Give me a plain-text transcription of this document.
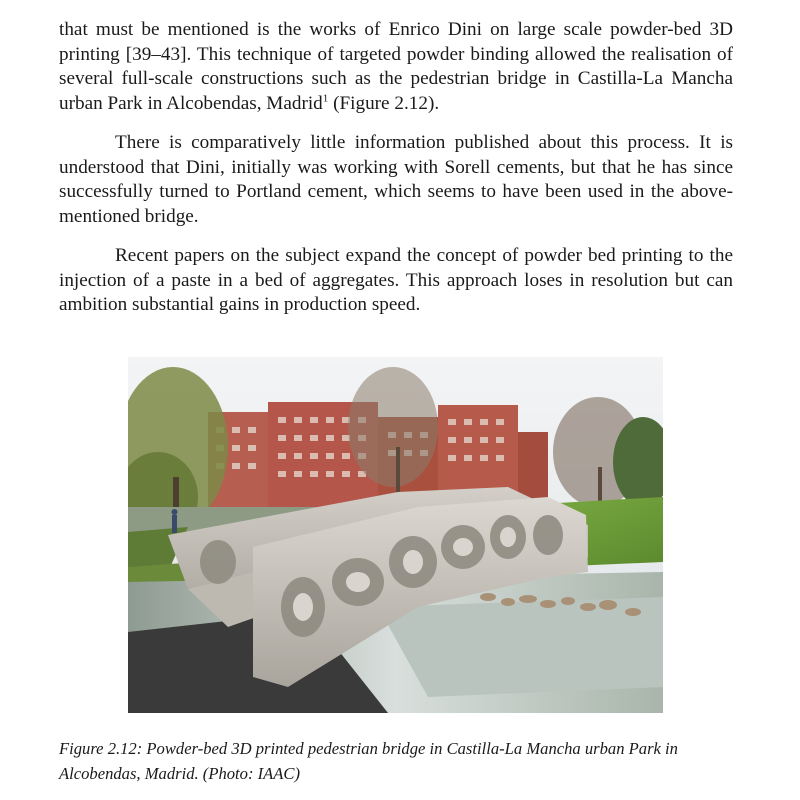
that must be mentioned is the works of Enrico Dini on large scale powder-bed 3D printing [39–43]. This technique of targeted powder binding allowed the realisation of several full-scale constructions such as the pedestrian bridge in Castilla-La Mancha urban Park in Alcobendas, Madrid$^1$ (Figure 2.12).

There is comparatively little information published about this process. It is understood that Dini, initially was working with Sorell cements, but that he has since successfully turned to Portland cement, which seems to have been used in the above-mentioned bridge.

Recent papers on the subject expand the concept of powder bed printing to the injection of a paste in a bed of aggregates. This approach loses in resolution but can ambition substantial gains in production speed.

Figure 2.12: Powder-bed 3D printed pedestrian bridge in Castilla-La Mancha urban Park in Alcobendas, Madrid. (Photo: IAAC)
